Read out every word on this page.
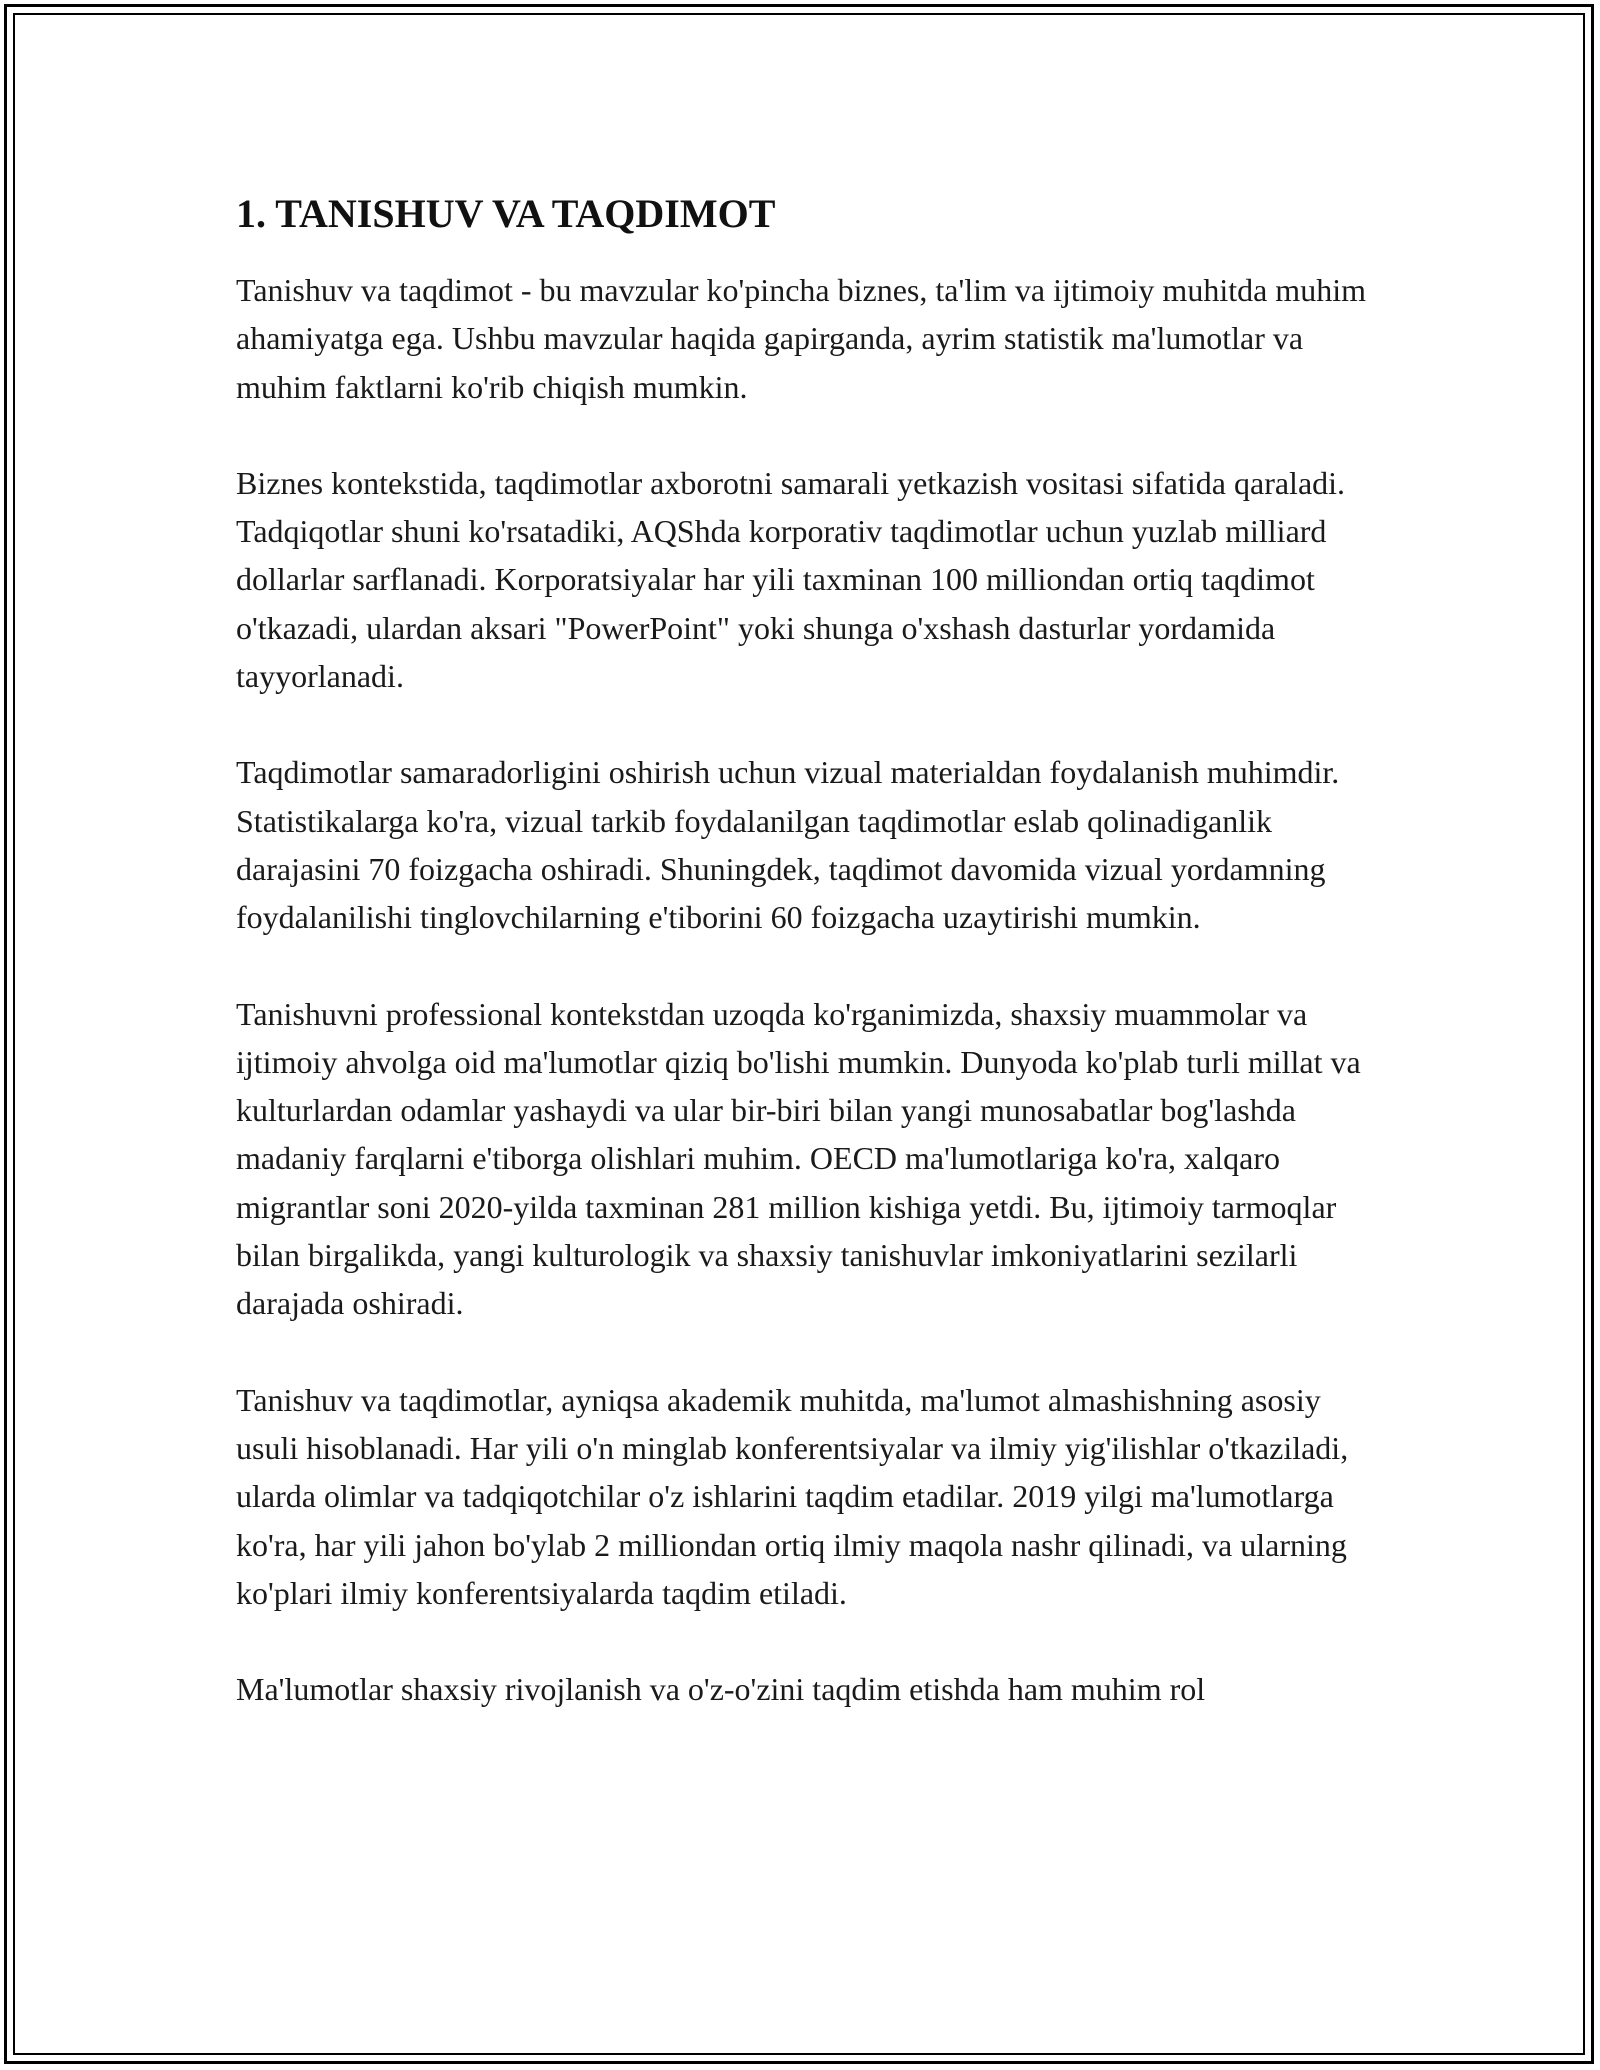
1. TANISHUV VA TAQDIMOT

Tanishuv va taqdimot - bu mavzular ko'pincha biznes, ta'lim va ijtimoiy muhitda muhim ahamiyatga ega. Ushbu mavzular haqida gapirganda, ayrim statistik ma'lumotlar va muhim faktlarni ko'rib chiqish mumkin.

Biznes kontekstida, taqdimotlar axborotni samarali yetkazish vositasi sifatida qaraladi. Tadqiqotlar shuni ko'rsatadiki, AQShda korporativ taqdimotlar uchun yuzlab milliard dollarlar sarflanadi. Korporatsiyalar har yili taxminan 100 milliondan ortiq taqdimot o'tkazadi, ulardan aksari "PowerPoint" yoki shunga o'xshash dasturlar yordamida tayyorlanadi.

Taqdimotlar samaradorligini oshirish uchun vizual materialdan foydalanish muhimdir. Statistikalarga ko'ra, vizual tarkib foydalanilgan taqdimotlar eslab qolinadiganlik darajasini 70 foizgacha oshiradi. Shuningdek, taqdimot davomida vizual yordamning foydalanilishi tinglovchilarning e'tiborini 60 foizgacha uzaytirishi mumkin.

Tanishuvni professional kontekstdan uzoqda ko'rganimizda, shaxsiy muammolar va ijtimoiy ahvolga oid ma'lumotlar qiziq bo'lishi mumkin. Dunyoda ko'plab turli millat va kulturlardan odamlar yashaydi va ular bir-biri bilan yangi munosabatlar bog'lashda madaniy farqlarni e'tiborga olishlari muhim. OECD ma'lumotlariga ko'ra, xalqaro migrantlar soni 2020-yilda taxminan 281 million kishiga yetdi. Bu, ijtimoiy tarmoqlar bilan birgalikda, yangi kulturologik va shaxsiy tanishuvlar imkoniyatlarini sezilarli darajada oshiradi.

Tanishuv va taqdimotlar, ayniqsa akademik muhitda, ma'lumot almashishning asosiy usuli hisoblanadi. Har yili o'n minglab konferentsiyalar va ilmiy yig'ilishlar o'tkaziladi, ularda olimlar va tadqiqotchilar o'z ishlarini taqdim etadilar. 2019 yilgi ma'lumotlarga ko'ra, har yili jahon bo'ylab 2 milliondan ortiq ilmiy maqola nashr qilinadi, va ularning ko'plari ilmiy konferentsiyalarda taqdim etiladi.

Ma'lumotlar shaxsiy rivojlanish va o'z-o'zini taqdim etishda ham muhim rol
